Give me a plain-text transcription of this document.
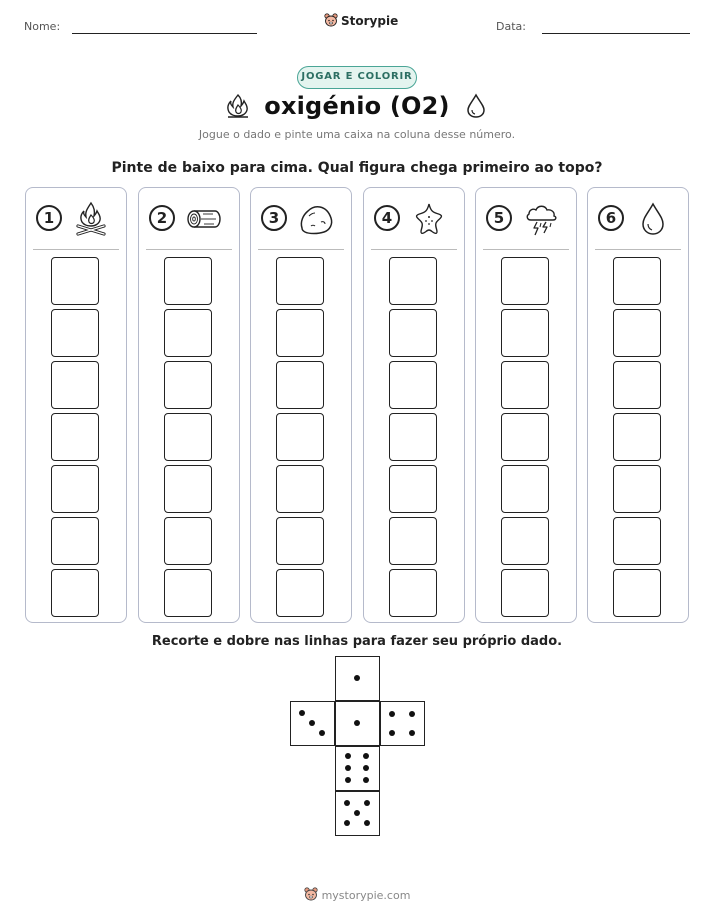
Nome:	Storypie	Data:
JOGAR E COLORIR
oxigénio (O2)
Jogue o dado e pinte uma caixa na coluna desse número.
Pinte de baixo para cima. Qual figura chega primeiro ao topo?
1	2	3	4	5	6
Recorte e dobre nas linhas para fazer seu próprio dado.
mystorypie.com
